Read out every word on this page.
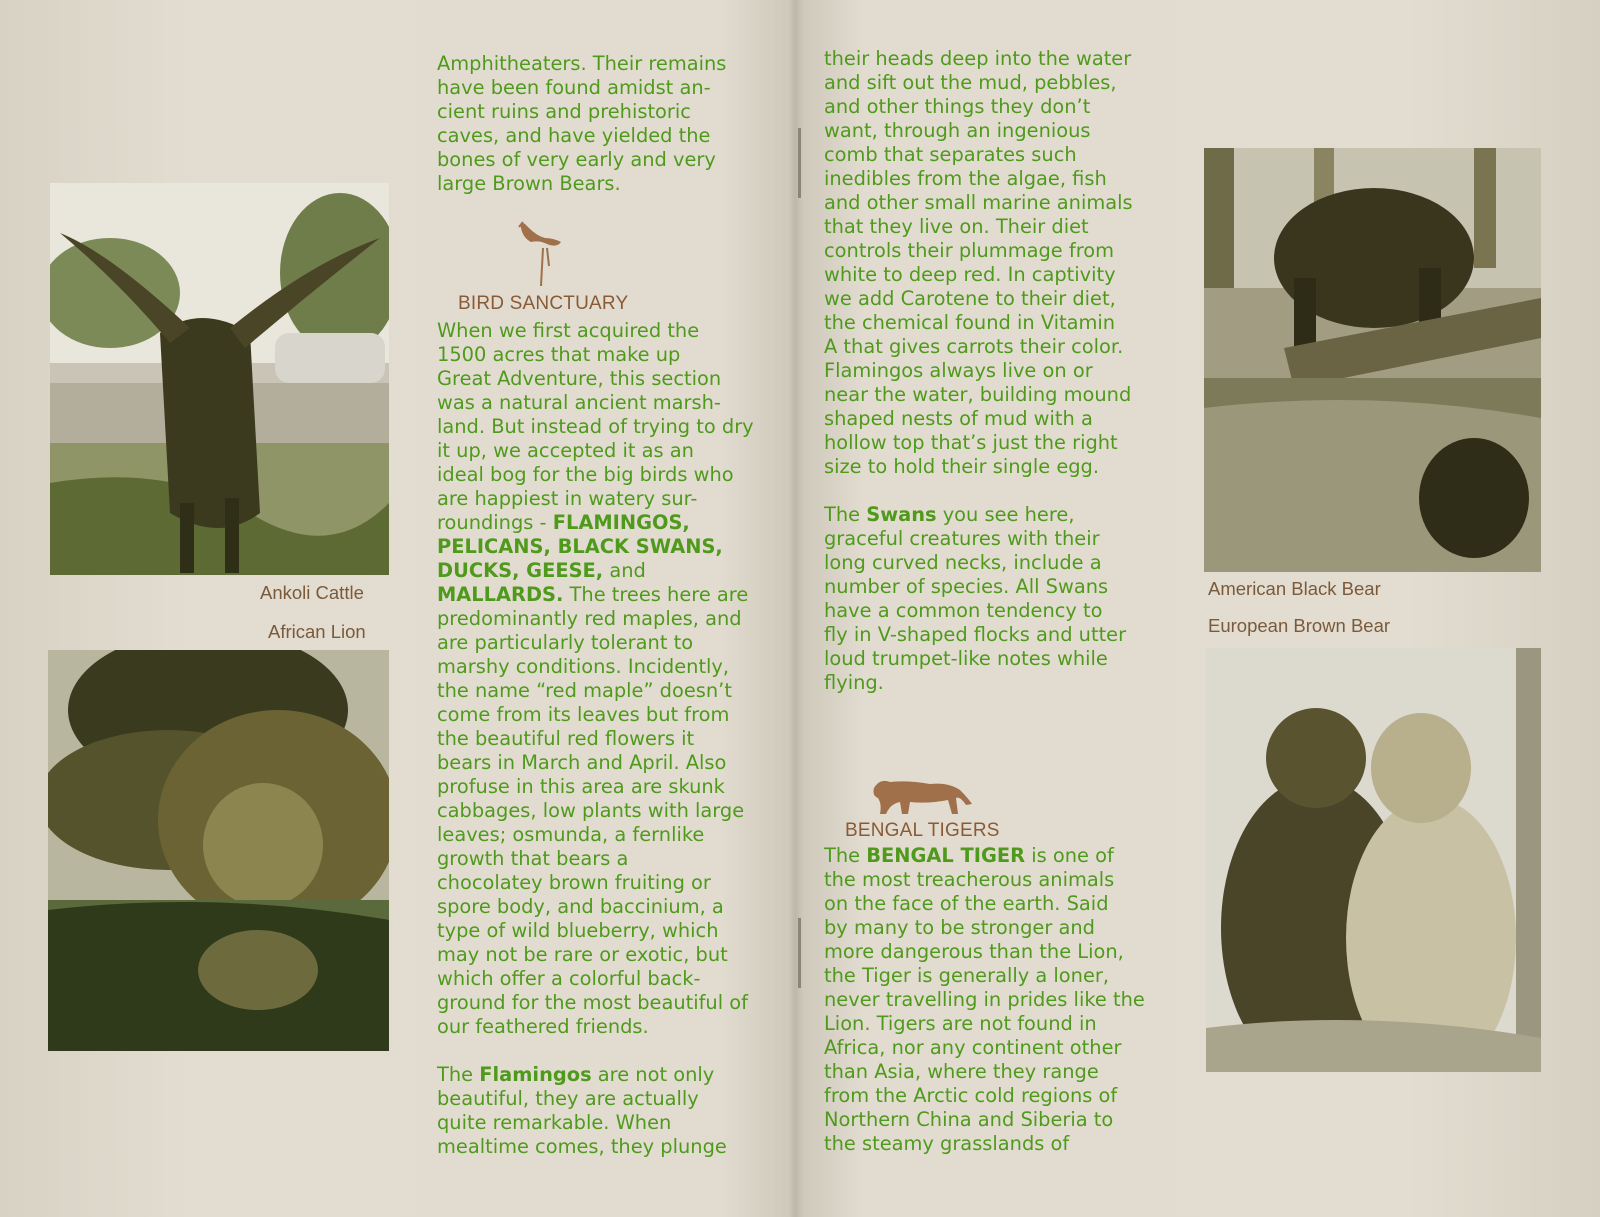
Ankoli Cattle
African Lion

Amphitheaters. Their remains

have been found amidst an-

cient ruins and prehistoric

caves, and have yielded the

bones of very early and very

large Brown Bears.

BIRD SANCTUARY

When we first acquired the

1500 acres that make up

Great Adventure, this section

was a natural ancient marsh-

land. But instead of trying to dry

it up, we accepted it as an

ideal bog for the big birds who

are happiest in watery sur-

roundings - FLAMINGOS,

PELICANS, BLACK SWANS,

DUCKS, GEESE, and

MALLARDS. The trees here are

predominantly red maples, and

are particularly tolerant to

marshy conditions. Incidently,

the name “red maple” doesn’t

come from its leaves but from

the beautiful red flowers it

bears in March and April. Also

profuse in this area are skunk

cabbages, low plants with large

leaves; osmunda, a fernlike

growth that bears a

chocolatey brown fruiting or

spore body, and baccinium, a

type of wild blueberry, which

may not be rare or exotic, but

which offer a colorful back-

ground for the most beautiful of

our feathered friends.

The Flamingos are not only

beautiful, they are actually

quite remarkable. When

mealtime comes, they plunge

their heads deep into the water

and sift out the mud, pebbles,

and other things they don’t

want, through an ingenious

comb that separates such

inedibles from the algae, fish

and other small marine animals

that they live on. Their diet

controls their plummage from

white to deep red. In captivity

we add Carotene to their diet,

the chemical found in Vitamin

A that gives carrots their color.

Flamingos always live on or

near the water, building mound

shaped nests of mud with a

hollow top that’s just the right

size to hold their single egg.

The Swans you see here,

graceful creatures with their

long curved necks, include a

number of species. All Swans

have a common tendency to

fly in V-shaped flocks and utter

loud trumpet-like notes while

flying.

BENGAL TIGERS

The BENGAL TIGER is one of

the most treacherous animals

on the face of the earth. Said

by many to be stronger and

more dangerous than the Lion,

the Tiger is generally a loner,

never travelling in prides like the

Lion. Tigers are not found in

Africa, nor any continent other

than Asia, where they range

from the Arctic cold regions of

Northern China and Siberia to

the steamy grasslands of

American Black Bear
European Brown Bear
